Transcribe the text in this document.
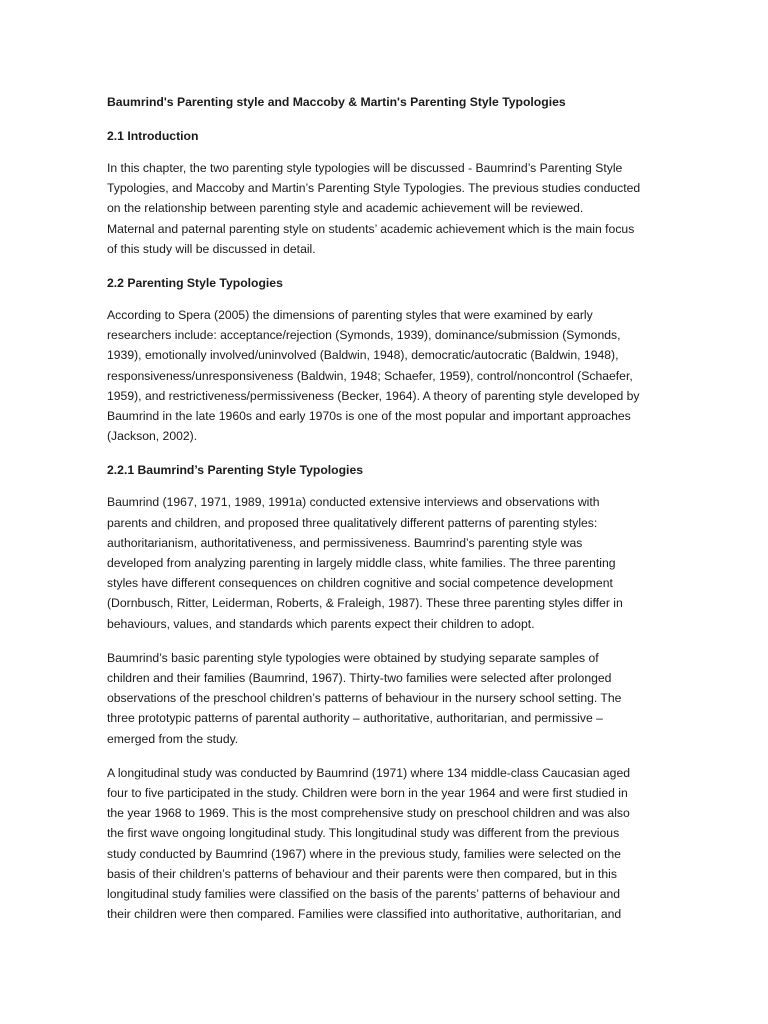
Baumrind's Parenting style and Maccoby & Martin's Parenting Style Typologies
2.1 Introduction
In this chapter, the two parenting style typologies will be discussed - Baumrind’s Parenting Style
Typologies, and Maccoby and Martin’s Parenting Style Typologies. The previous studies conducted
on the relationship between parenting style and academic achievement will be reviewed.
Maternal and paternal parenting style on students’ academic achievement which is the main focus
of this study will be discussed in detail.
2.2 Parenting Style Typologies
According to Spera (2005) the dimensions of parenting styles that were examined by early
researchers include: acceptance/rejection (Symonds, 1939), dominance/submission (Symonds,
1939), emotionally involved/uninvolved (Baldwin, 1948), democratic/autocratic (Baldwin, 1948),
responsiveness/unresponsiveness (Baldwin, 1948; Schaefer, 1959), control/noncontrol (Schaefer,
1959), and restrictiveness/permissiveness (Becker, 1964). A theory of parenting style developed by
Baumrind in the late 1960s and early 1970s is one of the most popular and important approaches
(Jackson, 2002).
2.2.1 Baumrind’s Parenting Style Typologies
Baumrind (1967, 1971, 1989, 1991a) conducted extensive interviews and observations with
parents and children, and proposed three qualitatively different patterns of parenting styles:
authoritarianism, authoritativeness, and permissiveness. Baumrind’s parenting style was
developed from analyzing parenting in largely middle class, white families. The three parenting
styles have different consequences on children cognitive and social competence development
(Dornbusch, Ritter, Leiderman, Roberts, & Fraleigh, 1987). These three parenting styles differ in
behaviours, values, and standards which parents expect their children to adopt.
Baumrind’s basic parenting style typologies were obtained by studying separate samples of
children and their families (Baumrind, 1967). Thirty-two families were selected after prolonged
observations of the preschool children’s patterns of behaviour in the nursery school setting. The
three prototypic patterns of parental authority – authoritative, authoritarian, and permissive –
emerged from the study.
A longitudinal study was conducted by Baumrind (1971) where 134 middle-class Caucasian aged
four to five participated in the study. Children were born in the year 1964 and were first studied in
the year 1968 to 1969. This is the most comprehensive study on preschool children and was also
the first wave ongoing longitudinal study. This longitudinal study was different from the previous
study conducted by Baumrind (1967) where in the previous study, families were selected on the
basis of their children’s patterns of behaviour and their parents were then compared, but in this
longitudinal study families were classified on the basis of the parents’ patterns of behaviour and
their children were then compared. Families were classified into authoritative, authoritarian, and
